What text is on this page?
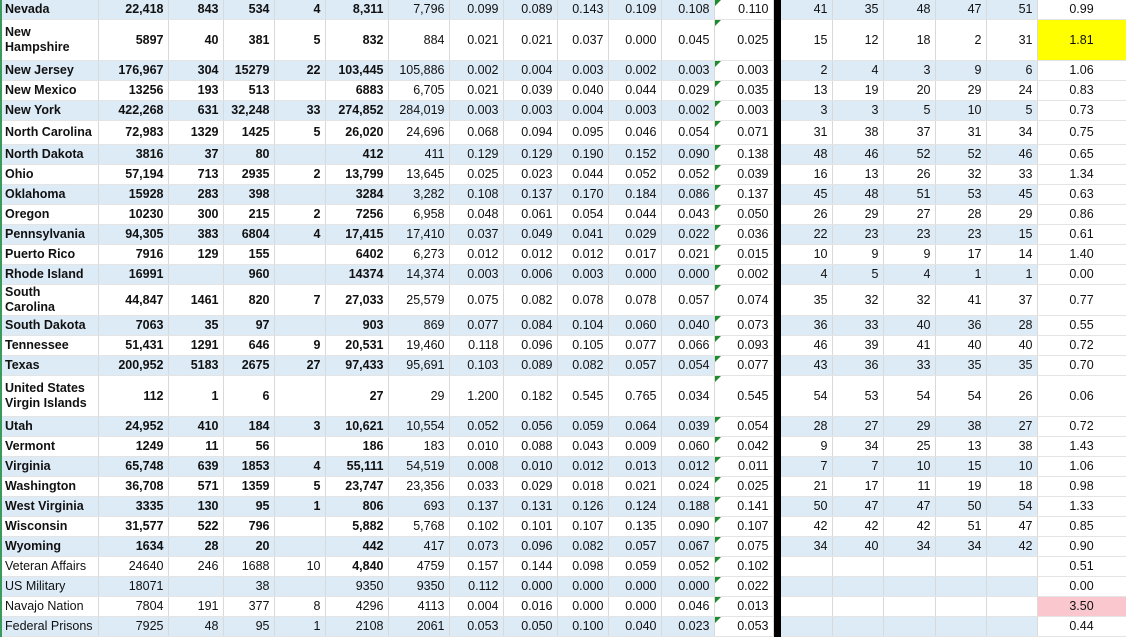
Nevada	22,418	843	534	4	8,311	7,796	0.099	0.089	0.143	0.109	0.108	0.110		41	35	48	47	51	0.99
New Hampshire	5897	40	381	5	832	884	0.021	0.021	0.037	0.000	0.045	0.025		15	12	18	2	31	1.81
New Jersey	176,967	304	15279	22	103,445	105,886	0.002	0.004	0.003	0.002	0.003	0.003		2	4	3	9	6	1.06
New Mexico	13256	193	513		6883	6,705	0.021	0.039	0.040	0.044	0.029	0.035		13	19	20	29	24	0.83
New York	422,268	631	32,248	33	274,852	284,019	0.003	0.003	0.004	0.003	0.002	0.003		3	3	5	10	5	0.73
North Carolina	72,983	1329	1425	5	26,020	24,696	0.068	0.094	0.095	0.046	0.054	0.071		31	38	37	31	34	0.75
North Dakota	3816	37	80		412	411	0.129	0.129	0.190	0.152	0.090	0.138		48	46	52	52	46	0.65
Ohio	57,194	713	2935	2	13,799	13,645	0.025	0.023	0.044	0.052	0.052	0.039		16	13	26	32	33	1.34
Oklahoma	15928	283	398		3284	3,282	0.108	0.137	0.170	0.184	0.086	0.137		45	48	51	53	45	0.63
Oregon	10230	300	215	2	7256	6,958	0.048	0.061	0.054	0.044	0.043	0.050		26	29	27	28	29	0.86
Pennsylvania	94,305	383	6804	4	17,415	17,410	0.037	0.049	0.041	0.029	0.022	0.036		22	23	23	23	15	0.61
Puerto Rico	7916	129	155		6402	6,273	0.012	0.012	0.012	0.017	0.021	0.015		10	9	9	17	14	1.40
Rhode Island	16991		960		14374	14,374	0.003	0.006	0.003	0.000	0.000	0.002		4	5	4	1	1	0.00
South Carolina	44,847	1461	820	7	27,033	25,579	0.075	0.082	0.078	0.078	0.057	0.074		35	32	32	41	37	0.77
South Dakota	7063	35	97		903	869	0.077	0.084	0.104	0.060	0.040	0.073		36	33	40	36	28	0.55
Tennessee	51,431	1291	646	9	20,531	19,460	0.118	0.096	0.105	0.077	0.066	0.093		46	39	41	40	40	0.72
Texas	200,952	5183	2675	27	97,433	95,691	0.103	0.089	0.082	0.057	0.054	0.077		43	36	33	35	35	0.70
United States Virgin Islands	112	1	6		27	29	1.200	0.182	0.545	0.765	0.034	0.545		54	53	54	54	26	0.06
Utah	24,952	410	184	3	10,621	10,554	0.052	0.056	0.059	0.064	0.039	0.054		28	27	29	38	27	0.72
Vermont	1249	11	56		186	183	0.010	0.088	0.043	0.009	0.060	0.042		9	34	25	13	38	1.43
Virginia	65,748	639	1853	4	55,111	54,519	0.008	0.010	0.012	0.013	0.012	0.011		7	7	10	15	10	1.06
Washington	36,708	571	1359	5	23,747	23,356	0.033	0.029	0.018	0.021	0.024	0.025		21	17	11	19	18	0.98
West Virginia	3335	130	95	1	806	693	0.137	0.131	0.126	0.124	0.188	0.141		50	47	47	50	54	1.33
Wisconsin	31,577	522	796		5,882	5,768	0.102	0.101	0.107	0.135	0.090	0.107		42	42	42	51	47	0.85
Wyoming	1634	28	20		442	417	0.073	0.096	0.082	0.057	0.067	0.075		34	40	34	34	42	0.90
Veteran Affairs	24640	246	1688	10	4,840	4759	0.157	0.144	0.098	0.059	0.052	0.102							0.51
US Military	18071		38		9350	9350	0.112	0.000	0.000	0.000	0.000	0.022							0.00
Navajo Nation	7804	191	377	8	4296	4113	0.004	0.016	0.000	0.000	0.046	0.013							3.50
Federal Prisons	7925	48	95	1	2108	2061	0.053	0.050	0.100	0.040	0.023	0.053							0.44
